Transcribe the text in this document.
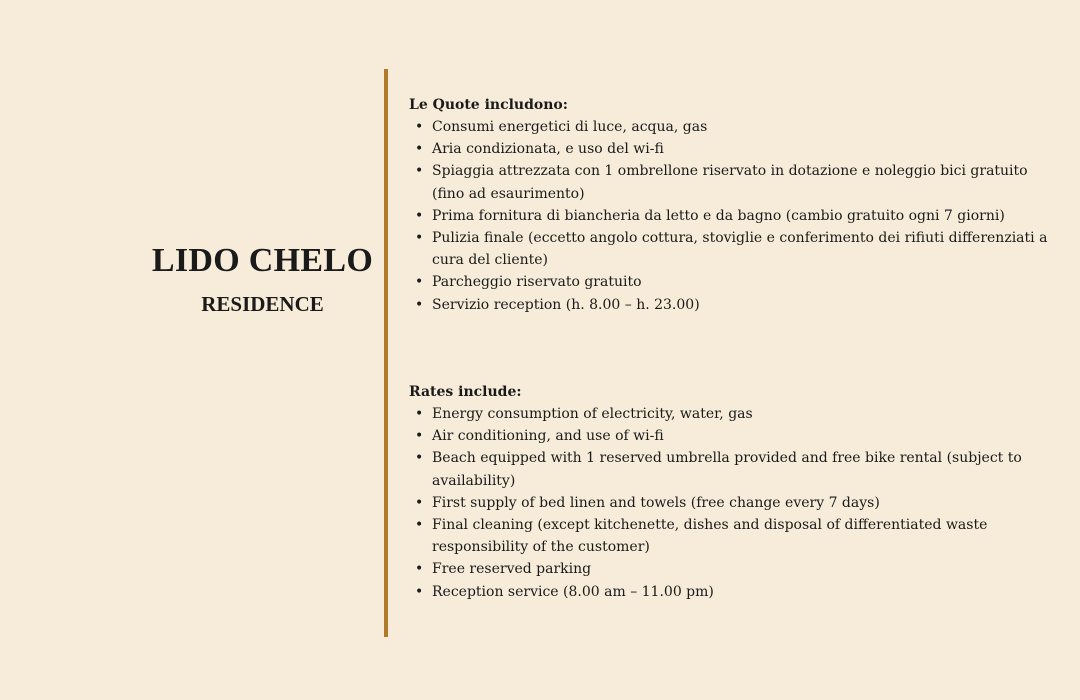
LIDO CHELO
RESIDENCE

Le Quote includono:

• Consumi energetici di luce, acqua, gas
• Aria condizionata, e uso del wi-fi
• Spiaggia attrezzata con 1 ombrellone riservato in dotazione e noleggio bici gratuito (fino ad esaurimento)
• Prima fornitura di biancheria da letto e da bagno (cambio gratuito ogni 7 giorni)
• Pulizia finale (eccetto angolo cottura, stoviglie e conferimento dei rifiuti differenziati a cura del cliente)
• Parcheggio riservato gratuito
• Servizio reception (h. 8.00 – h. 23.00)

Rates include:

• Energy consumption of electricity, water, gas
• Air conditioning, and use of wi-fi
• Beach equipped with 1 reserved umbrella provided and free bike rental (subject to availability)
• First supply of bed linen and towels (free change every 7 days)
• Final cleaning (except kitchenette, dishes and disposal of differentiated waste responsibility of the customer)
• Free reserved parking
• Reception service (8.00 am – 11.00 pm)
